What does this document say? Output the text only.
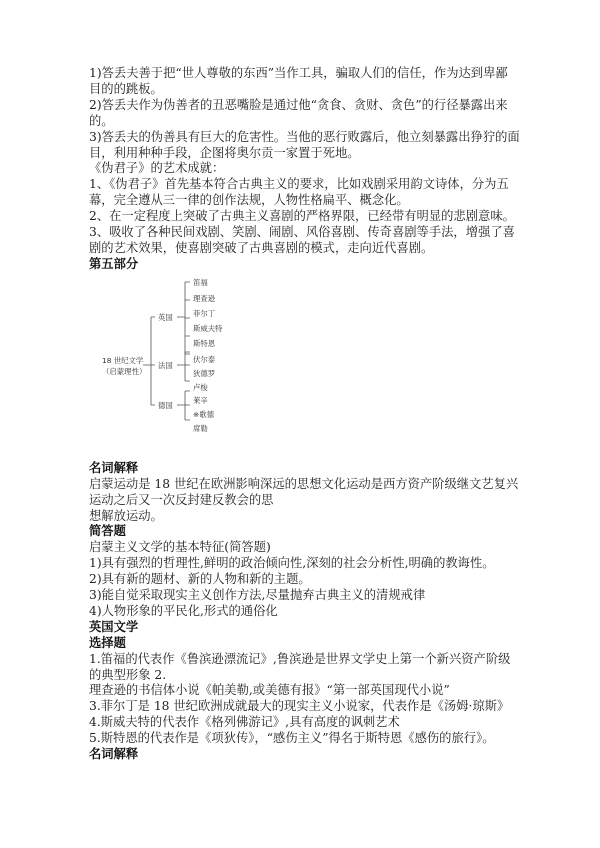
1)答丢夫善于把“世人尊敬的东西”当作工具，骗取人们的信任，作为达到卑鄙

目的的跳板。

2)答丢夫作为伪善者的丑恶嘴脸是通过他“贪食、贪财、贪色”的行径暴露出来

的。

3)答丢夫的伪善具有巨大的危害性。当他的恶行败露后，他立刻暴露出狰狞的面

目，利用种种手段，企图将奥尔贡一家置于死地。

《伪君子》的艺术成就：

1、《伪君子》首先基本符合古典主义的要求，比如戏剧采用韵文诗体，分为五

幕，完全遵从三一律的创作法规，人物性格扁平、概念化。

2、在一定程度上突破了古典主义喜剧的严格界限，已经带有明显的悲剧意味。

3、吸收了各种民间戏剧、笑剧、闹剧、风俗喜剧、传奇喜剧等手法，增强了喜

剧的艺术效果，使喜剧突破了古典喜剧的模式，走向近代喜剧。

第五部分

18 世纪文学
（启蒙理性）
英国
法国
德国
笛福
理查逊
菲尔丁
斯威夫特
斯特恩
伏尔泰
狄德罗
卢梭
莱辛
※歌德
席勒

名词解释

启蒙运动是 18 世纪在欧洲影响深远的思想文化运动是西方资产阶级继文艺复兴

运动之后又一次反封建反教会的思

想解放运动。

简答题

启蒙主义文学的基本特征(简答题)

1)具有强烈的哲理性,鲜明的政治倾向性,深刻的社会分析性,明确的教诲性。

2)具有新的题材、新的人物和新的主题。

3)能自觉采取现实主义创作方法,尽量抛弃古典主义的清规戒律

4)人物形象的平民化,形式的通俗化

英国文学

选择题

1.笛福的代表作《鲁滨逊漂流记》,鲁滨逊是世界文学史上第一个新兴资产阶级

的典型形象 2.

理查逊的书信体小说《帕美勒,或美德有报》“第一部英国现代小说”

3.菲尔丁是 18 世纪欧洲成就最大的现实主义小说家，代表作是《汤姆·琼斯》

4.斯威夫特的代表作《格列佛游记》,具有高度的讽刺艺术

5.斯特恩的代表作是《项狄传》，“感伤主义”得名于斯特恩《感伤的旅行》。

名词解释
